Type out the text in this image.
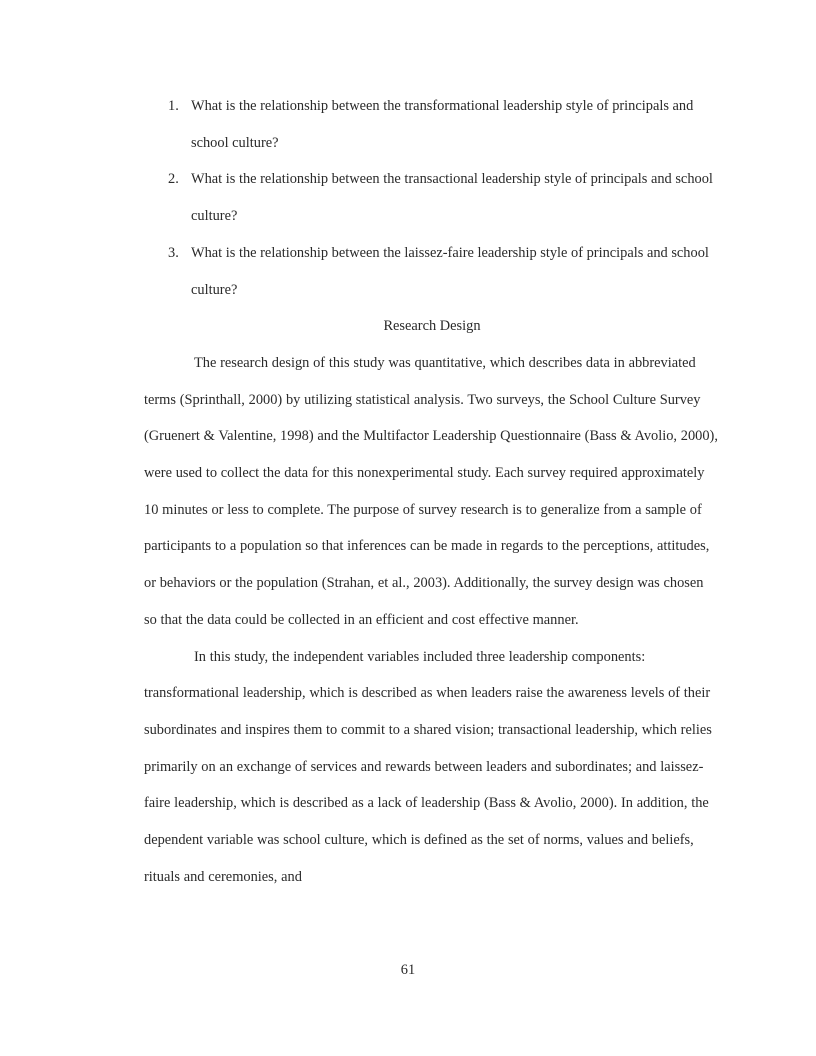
1. What is the relationship between the transformational leadership style of principals and school culture?
2. What is the relationship between the transactional leadership style of principals and school culture?
3. What is the relationship between the laissez-faire leadership style of principals and school culture?
Research Design

The research design of this study was quantitative, which describes data in abbreviated terms (Sprinthall, 2000) by utilizing statistical analysis. Two surveys, the School Culture Survey (Gruenert & Valentine, 1998) and the Multifactor Leadership Questionnaire (Bass & Avolio, 2000), were used to collect the data for this nonexperimental study. Each survey required approximately 10 minutes or less to complete. The purpose of survey research is to generalize from a sample of participants to a population so that inferences can be made in regards to the perceptions, attitudes, or behaviors or the population (Strahan, et al., 2003). Additionally, the survey design was chosen so that the data could be collected in an efficient and cost effective manner.

In this study, the independent variables included three leadership components: transformational leadership, which is described as when leaders raise the awareness levels of their subordinates and inspires them to commit to a shared vision; transactional leadership, which relies primarily on an exchange of services and rewards between leaders and subordinates; and laissez-faire leadership, which is described as a lack of leadership (Bass & Avolio, 2000). In addition, the dependent variable was school culture, which is defined as the set of norms, values and beliefs, rituals and ceremonies, and

61
